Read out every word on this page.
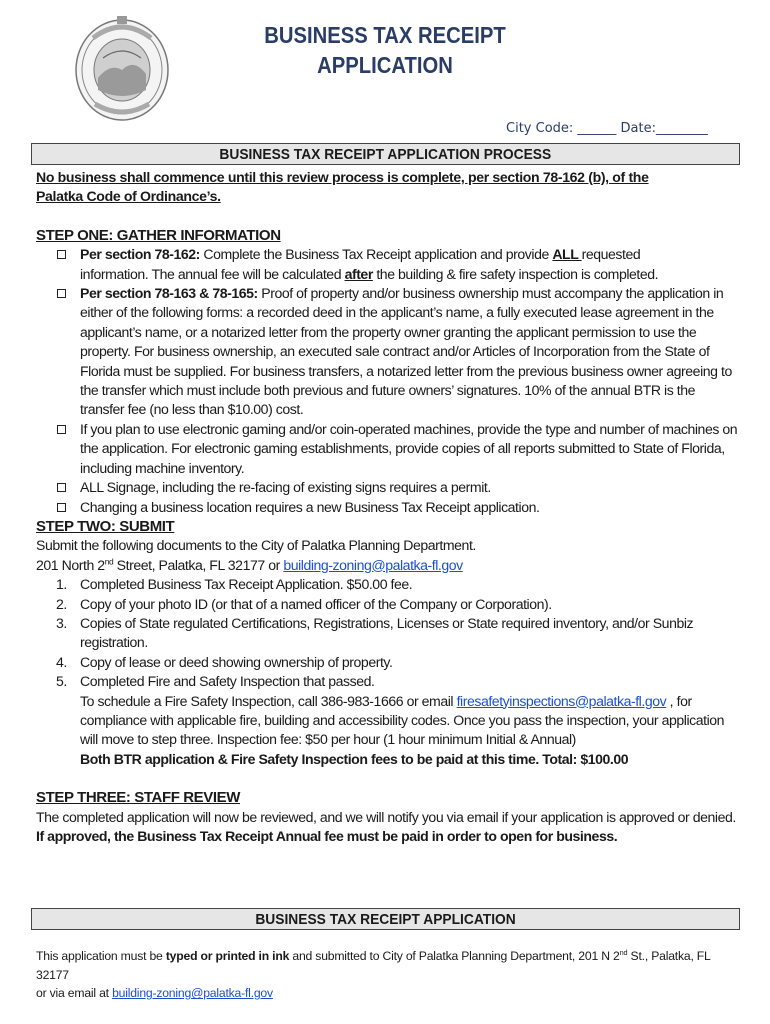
BUSINESS TAX RECEIPT
APPLICATION
City Code: ______ Date:________
BUSINESS TAX RECEIPT APPLICATION PROCESS

No business shall commence until this review process is complete, per section 78-162 (b), of the
Palatka Code of Ordinance’s.

STEP ONE: GATHER INFORMATION
Per section 78-162: Complete the Business Tax Receipt application and provide ALL requested
information. The annual fee will be calculated after the building & fire safety inspection is completed.
Per section 78-163 & 78-165: Proof of property and/or business ownership must accompany the application in either of the following forms: a recorded deed in the applicant’s name, a fully executed lease agreement in the applicant’s name, or a notarized letter from the property owner granting the applicant permission to use the property. For business ownership, an executed sale contract and/or Articles of Incorporation from the State of Florida must be supplied. For business transfers, a notarized letter from the previous business owner agreeing to the transfer which must include both previous and future owners’ signatures. 10% of the annual BTR is the transfer fee (no less than $10.00) cost.
If you plan to use electronic gaming and/or coin-operated machines, provide the type and number of machines on the application. For electronic gaming establishments, provide copies of all reports submitted to State of Florida, including machine inventory.
ALL Signage, including the re-facing of existing signs requires a permit.
Changing a business location requires a new Business Tax Receipt application.
STEP TWO: SUBMIT

Submit the following documents to the City of Palatka Planning Department.

201 North 2nd Street, Palatka, FL 32177 or building-zoning@palatka-fl.gov

1. Completed Business Tax Receipt Application. $50.00 fee.
2. Copy of your photo ID (or that of a named officer of the Company or Corporation).
3. Copies of State regulated Certifications, Registrations, Licenses or State required inventory, and/or Sunbiz registration.
4. Copy of lease or deed showing ownership of property.
5. Completed Fire and Safety Inspection that passed.
To schedule a Fire Safety Inspection, call 386-983-1666 or email firesafetyinspections@palatka-fl.gov , for compliance with applicable fire, building and accessibility codes. Once you pass the inspection, your application will move to step three. Inspection fee: $50 per hour (1 hour minimum Initial & Annual)
Both BTR application & Fire Safety Inspection fees to be paid at this time. Total: $100.00
STEP THREE: STAFF REVIEW

The completed application will now be reviewed, and we will notify you via email if your application is approved or denied. If approved, the Business Tax Receipt Annual fee must be paid in order to open for business.

BUSINESS TAX RECEIPT APPLICATION
This application must be typed or printed in ink and submitted to City of Palatka Planning Department, 201 N 2nd St., Palatka, FL 32177
or via email at building-zoning@palatka-fl.gov
